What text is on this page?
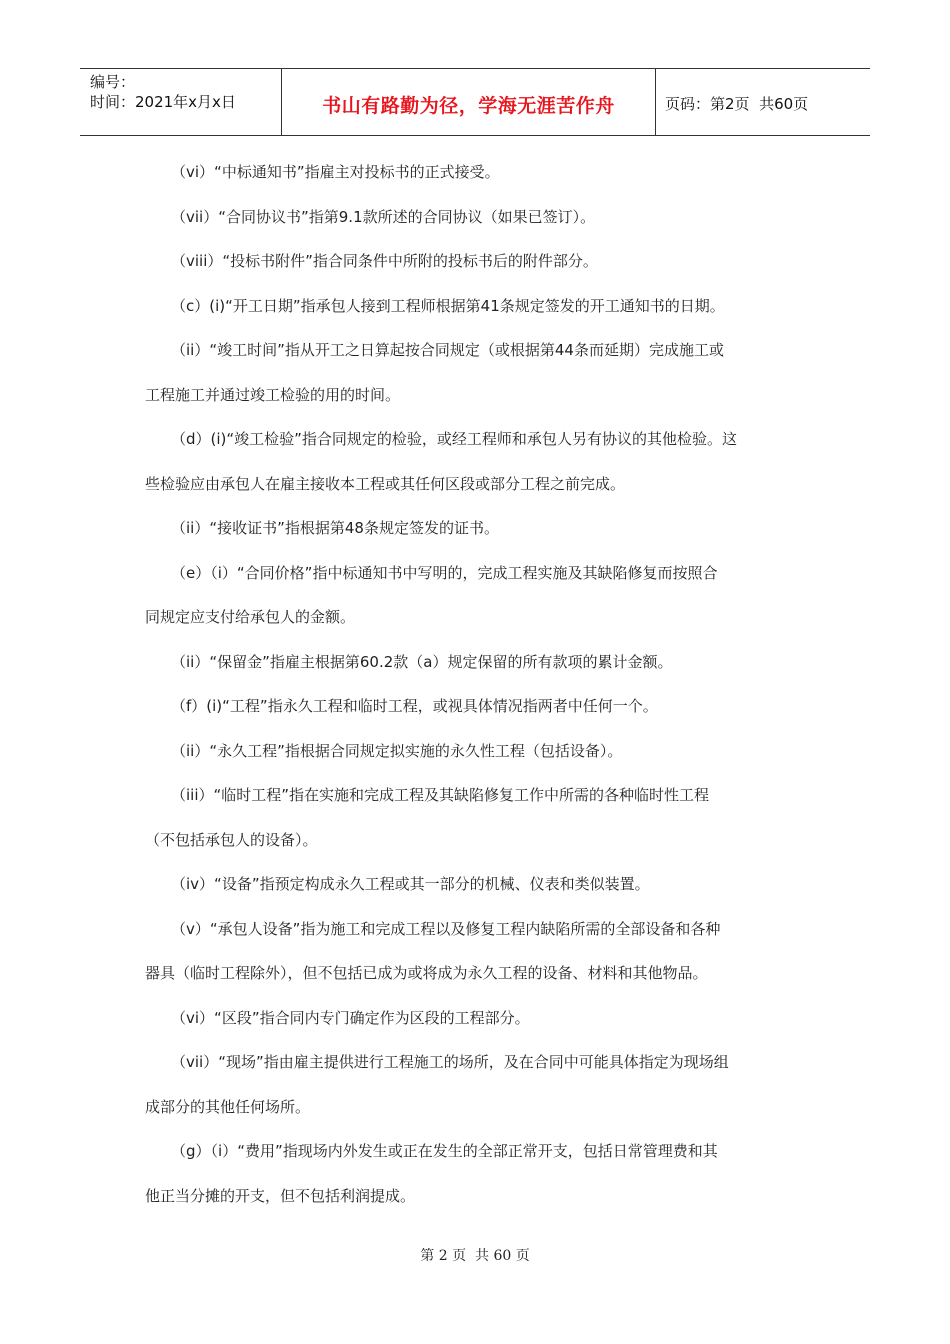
编号：
时间：2021年x月x日	书山有路勤为径，学海无涯苦作舟	页码：第2页  共60页
（vi）“中标通知书”指雇主对投标书的正式接受。
（vii）“合同协议书”指第9.1款所述的合同协议（如果已签订）。
（viii）“投标书附件”指合同条件中所附的投标书后的附件部分。
（c）(i)“开工日期”指承包人接到工程师根据第41条规定签发的开工通知书的日期。
（ii）“竣工时间”指从开工之日算起按合同规定（或根据第44条而延期）完成施工或
工程施工并通过竣工检验的用的时间。
（d）(i)“竣工检验”指合同规定的检验，或经工程师和承包人另有协议的其他检验。这
些检验应由承包人在雇主接收本工程或其任何区段或部分工程之前完成。
（ii）“接收证书”指根据第48条规定签发的证书。
（e）（i）“合同价格”指中标通知书中写明的，完成工程实施及其缺陷修复而按照合
同规定应支付给承包人的金额。
（ii）“保留金”指雇主根据第60.2款（a）规定保留的所有款项的累计金额。
（f）(i)“工程”指永久工程和临时工程，或视具体情况指两者中任何一个。
（ii）“永久工程”指根据合同规定拟实施的永久性工程（包括设备）。
（iii）“临时工程”指在实施和完成工程及其缺陷修复工作中所需的各种临时性工程
（不包括承包人的设备）。
（iv）“设备”指预定构成永久工程或其一部分的机械、仪表和类似装置。
（v）“承包人设备”指为施工和完成工程以及修复工程内缺陷所需的全部设备和各种
器具（临时工程除外），但不包括已成为或将成为永久工程的设备、材料和其他物品。
（vi）“区段”指合同内专门确定作为区段的工程部分。
（vii）“现场”指由雇主提供进行工程施工的场所，及在合同中可能具体指定为现场组
成部分的其他任何场所。
（g）（i）“费用”指现场内外发生或正在发生的全部正常开支，包括日常管理费和其
他正当分摊的开支，但不包括利润提成。
第 2 页  共 60 页
